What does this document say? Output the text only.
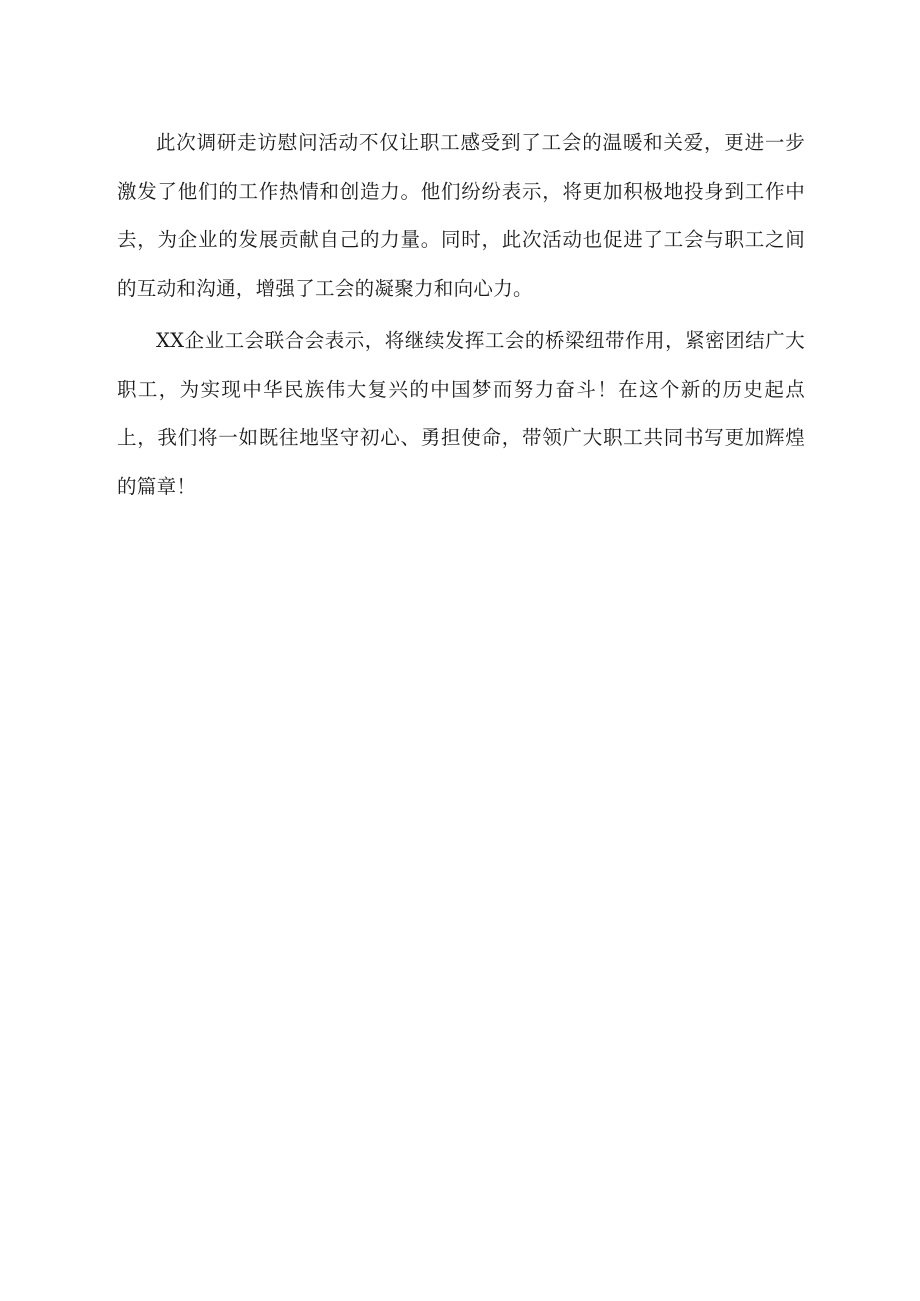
此次调研走访慰问活动不仅让职工感受到了工会的温暖和关爱，更进一步激发了他们的工作热情和创造力。他们纷纷表示，将更加积极地投身到工作中去，为企业的发展贡献自己的力量。同时，此次活动也促进了工会与职工之间的互动和沟通，增强了工会的凝聚力和向心力。

XX企业工会联合会表示，将继续发挥工会的桥梁纽带作用，紧密团结广大职工，为实现中华民族伟大复兴的中国梦而努力奋斗！在这个新的历史起点上，我们将一如既往地坚守初心、勇担使命，带领广大职工共同书写更加辉煌的篇章！
